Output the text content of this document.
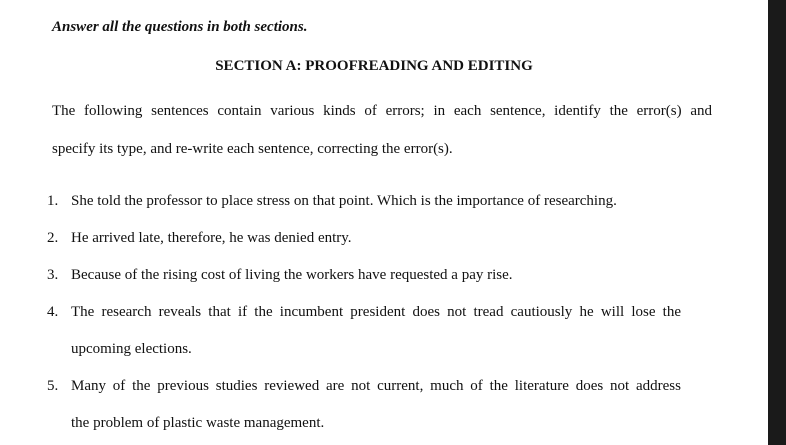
Answer all the questions in both sections.
SECTION A: PROOFREADING AND EDITING
The following sentences contain various kinds of errors; in each sentence, identify the error(s) and
specify its type, and re-write each sentence, correcting the error(s).
1. She told the professor to place stress on that point. Which is the importance of researching.
2. He arrived late, therefore, he was denied entry.
3. Because of the rising cost of living the workers have requested a pay rise.
4. The research reveals that if the incumbent president does not tread cautiously he will lose the
upcoming elections.
5. Many of the previous studies reviewed are not current, much of the literature does not address
the problem of plastic waste management.
